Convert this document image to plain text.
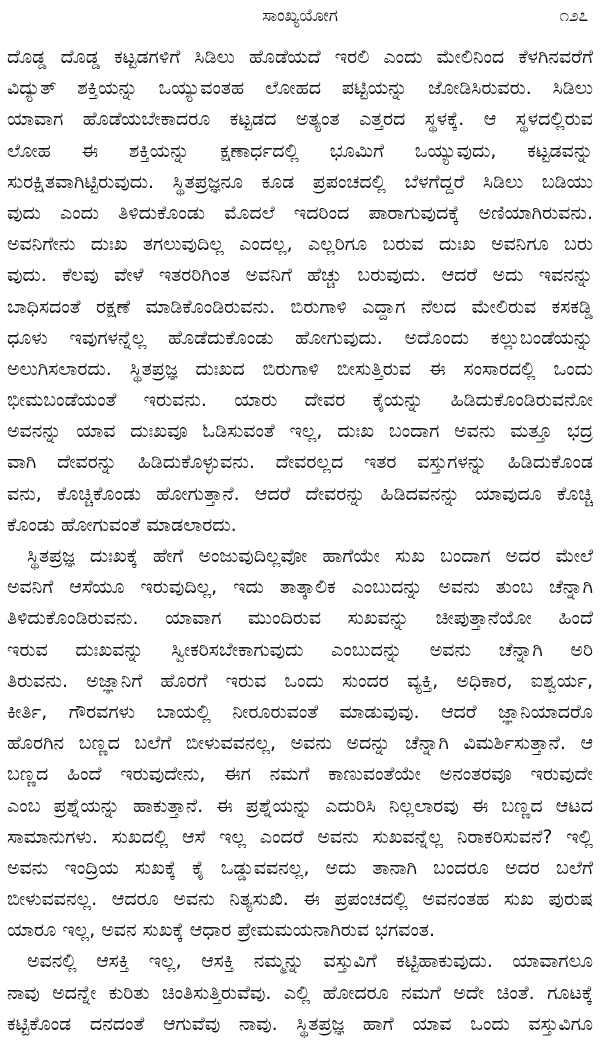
ಸಾಂಖ್ಯಯೋಗ	೧೨೭
ದೊಡ್ಡ ದೊಡ್ಡ ಕಟ್ಟಡಗಳಿಗೆ ಸಿಡಿಲು ಹೊಡೆಯದೆ ಇರಲಿ ಎಂದು ಮೇಲಿನಿಂದ ಕೆಳಗಿನವರೆಗೆ
ವಿದ್ಯುತ್ ಶಕ್ತಿಯನ್ನು ಒಯ್ಯುವಂತಹ ಲೋಹದ ಪಟ್ಟಿಯನ್ನು ಜೋಡಿಸಿರುವರು. ಸಿಡಿಲು
ಯಾವಾಗ ಹೊಡೆಯಬೇಕಾದರೂ ಕಟ್ಟಡದ ಅತ್ಯಂತ ಎತ್ತರದ ಸ್ಥಳಕ್ಕೆ. ಆ ಸ್ಥಳದಲ್ಲಿರುವ
ಲೋಹ ಈ ಶಕ್ತಿಯನ್ನು ಕ್ಷಣಾರ್ಧದಲ್ಲಿ ಭೂಮಿಗೆ ಒಯ್ಯುವುದು, ಕಟ್ಟಡವನ್ನು
ಸುರಕ್ಷಿತವಾಗಿಟ್ಟಿರುವುದು. ಸ್ಥಿತಪ್ರಜ್ಞನೂ ಕೂಡ ಪ್ರಪಂಚದಲ್ಲಿ ಬೆಳಗೆದ್ದರೆ ಸಿಡಿಲು ಬಡಿಯು
ವುದು ಎಂದು ತಿಳಿದುಕೊಂಡು ಮೊದಲೆ ಇದರಿಂದ ಪಾರಾಗುವುದಕ್ಕೆ ಅಣಿಯಾಗಿರುವನು.
ಅವನಿಗೇನು ದುಃಖ ತಗಲುವುದಿಲ್ಲ ಎಂದಲ್ಲ, ಎಲ್ಲರಿಗೂ ಬರುವ ದುಃಖ ಅವನಿಗೂ ಬರು
ವುದು. ಕೆಲವು ವೇಳೆ ಇತರರಿಗಿಂತ ಅವನಿಗೆ ಹೆಚ್ಚು ಬರುವುದು. ಆದರೆ ಅದು ಇವನನ್ನು
ಬಾಧಿಸದಂತೆ ರಕ್ಷಣೆ ಮಾಡಿಕೊಂಡಿರುವನು. ಬಿರುಗಾಳಿ ಎದ್ದಾಗ ನೆಲದ ಮೇಲಿರುವ ಕಸಕಡ್ಡಿ
ಧೂಳು ಇವುಗಳನ್ನೆಲ್ಲ ಹೊಡೆದುಕೊಂಡು ಹೋಗುವುದು. ಅದೊಂದು ಕಲ್ಲುಬಂಡೆಯನ್ನು
ಅಲುಗಿಸಲಾರದು. ಸ್ಥಿತಪ್ರಜ್ಞ ದುಃಖದ ಬಿರುಗಾಳಿ ಬೀಸುತ್ತಿರುವ ಈ ಸಂಸಾರದಲ್ಲಿ ಒಂದು
ಭೀಮಬಂಡೆಯಂತೆ ಇರುವನು. ಯಾರು ದೇವರ ಕೈಯನ್ನು ಹಿಡಿದುಕೊಂಡಿರುವನೋ
ಅವನನ್ನು ಯಾವ ದುಃಖವೂ ಓಡಿಸುವಂತೆ ಇಲ್ಲ, ದುಃಖ ಬಂದಾಗ ಅವನು ಮತ್ತೂ ಭದ್ರ
ವಾಗಿ ದೇವರನ್ನು ಹಿಡಿದುಕೊಳ್ಳುವನು. ದೇವರಲ್ಲದ ಇತರ ವಸ್ತುಗಳನ್ನು ಹಿಡಿದುಕೊಂಡ
ವನು, ಕೊಚ್ಚಿಕೊಂಡು ಹೋಗುತ್ತಾನೆ. ಆದರೆ ದೇವರನ್ನು ಹಿಡಿದವನನ್ನು ಯಾವುದೂ ಕೊಚ್ಚಿ
ಕೊಂಡು ಹೋಗುವಂತೆ ಮಾಡಲಾರದು.
ಸ್ಥಿತಪ್ರಜ್ಞ ದುಃಖಕ್ಕೆ ಹೇಗೆ ಅಂಜುವುದಿಲ್ಲವೋ ಹಾಗೆಯೇ ಸುಖ ಬಂದಾಗ ಅದರ ಮೇಲೆ
ಅವನಿಗೆ ಆಸೆಯೂ ಇರುವುದಿಲ್ಲ, ಇದು ತಾತ್ಕಾಲಿಕ ಎಂಬುದನ್ನು ಅವನು ತುಂಬ ಚೆನ್ನಾಗಿ
ತಿಳಿದುಕೊಂಡಿರುವನು. ಯಾವಾಗ ಮುಂದಿರುವ ಸುಖವನ್ನು ಚೀಪುತ್ತಾನೆಯೋ ಹಿಂದೆ
ಇರುವ ದುಃಖವನ್ನು ಸ್ವೀಕರಿಸಬೇಕಾಗುವುದು ಎಂಬುದನ್ನು ಅವನು ಚೆನ್ನಾಗಿ ಅರಿ
ತಿರುವನು. ಅಜ್ಞಾನಿಗೆ ಹೊರಗೆ ಇರುವ ಒಂದು ಸುಂದರ ವ್ಯಕ್ತಿ, ಅಧಿಕಾರ, ಐಶ್ವರ್ಯ,
ಕೀರ್ತಿ, ಗೌರವಗಳು ಬಾಯಲ್ಲಿ ನೀರೂರುವಂತೆ ಮಾಡುವುವು. ಆದರೆ ಜ್ಞಾನಿಯಾದರೊ
ಹೊರಗಿನ ಬಣ್ಣದ ಬಲೆಗೆ ಬೀಳುವವನಲ್ಲ, ಅವನು ಅದನ್ನು ಚೆನ್ನಾಗಿ ವಿಮರ್ಶಿಸುತ್ತಾನೆ. ಆ
ಬಣ್ಣದ ಹಿಂದೆ ಇರುವುದೇನು, ಈಗ ನಮಗೆ ಕಾಣುವಂತೆಯೇ ಅನಂತರವೂ ಇರುವುದೇ
ಎಂಬ ಪ್ರಶ್ನೆಯನ್ನು ಹಾಕುತ್ತಾನೆ. ಈ ಪ್ರಶ್ನೆಯನ್ನು ಎದುರಿಸಿ ನಿಲ್ಲಲಾರವು ಈ ಬಣ್ಣದ ಆಟದ
ಸಾಮಾನುಗಳು. ಸುಖದಲ್ಲಿ ಆಸೆ ಇಲ್ಲ ಎಂದರೆ ಅವನು ಸುಖವನ್ನೆಲ್ಲ ನಿರಾಕರಿಸುವನೆ? ಇಲ್ಲಿ
ಅವನು ಇಂದ್ರಿಯ ಸುಖಕ್ಕೆ ಕೈ ಒಡ್ಡುವವನಲ್ಲ, ಅದು ತಾನಾಗಿ ಬಂದರೂ ಅದರ ಬಲೆಗೆ
ಬೀಳುವವನಲ್ಲ. ಆದರೂ ಅವನು ನಿತ್ಯಸುಖಿ. ಈ ಪ್ರಪಂಚದಲ್ಲಿ ಅವನಂತಹ ಸುಖ ಪುರುಷ
ಯಾರೂ ಇಲ್ಲ, ಅವನ ಸುಖಕ್ಕೆ ಆಧಾರ ಪ್ರೇಮಮಯನಾಗಿರುವ ಭಗವಂತ.
ಅವನಲ್ಲಿ ಆಸಕ್ತಿ ಇಲ್ಲ, ಆಸಕ್ತಿ ನಮ್ಮನ್ನು ವಸ್ತುವಿಗೆ ಕಟ್ಟಿಹಾಕುವುದು. ಯಾವಾಗಲೂ
ನಾವು ಅದನ್ನೇ ಕುರಿತು ಚಿಂತಿಸುತ್ತಿರುವೆವು. ಎಲ್ಲಿ ಹೋದರೂ ನಮಗೆ ಅದೇ ಚಿಂತೆ. ಗೂಟಕ್ಕೆ
ಕಟ್ಟಿಕೊಂಡ ದನದಂತೆ ಆಗುವೆವು ನಾವು. ಸ್ಥಿತಪ್ರಜ್ಞ ಹಾಗೆ ಯಾವ ಒಂದು ವಸ್ತುವಿಗೂ
